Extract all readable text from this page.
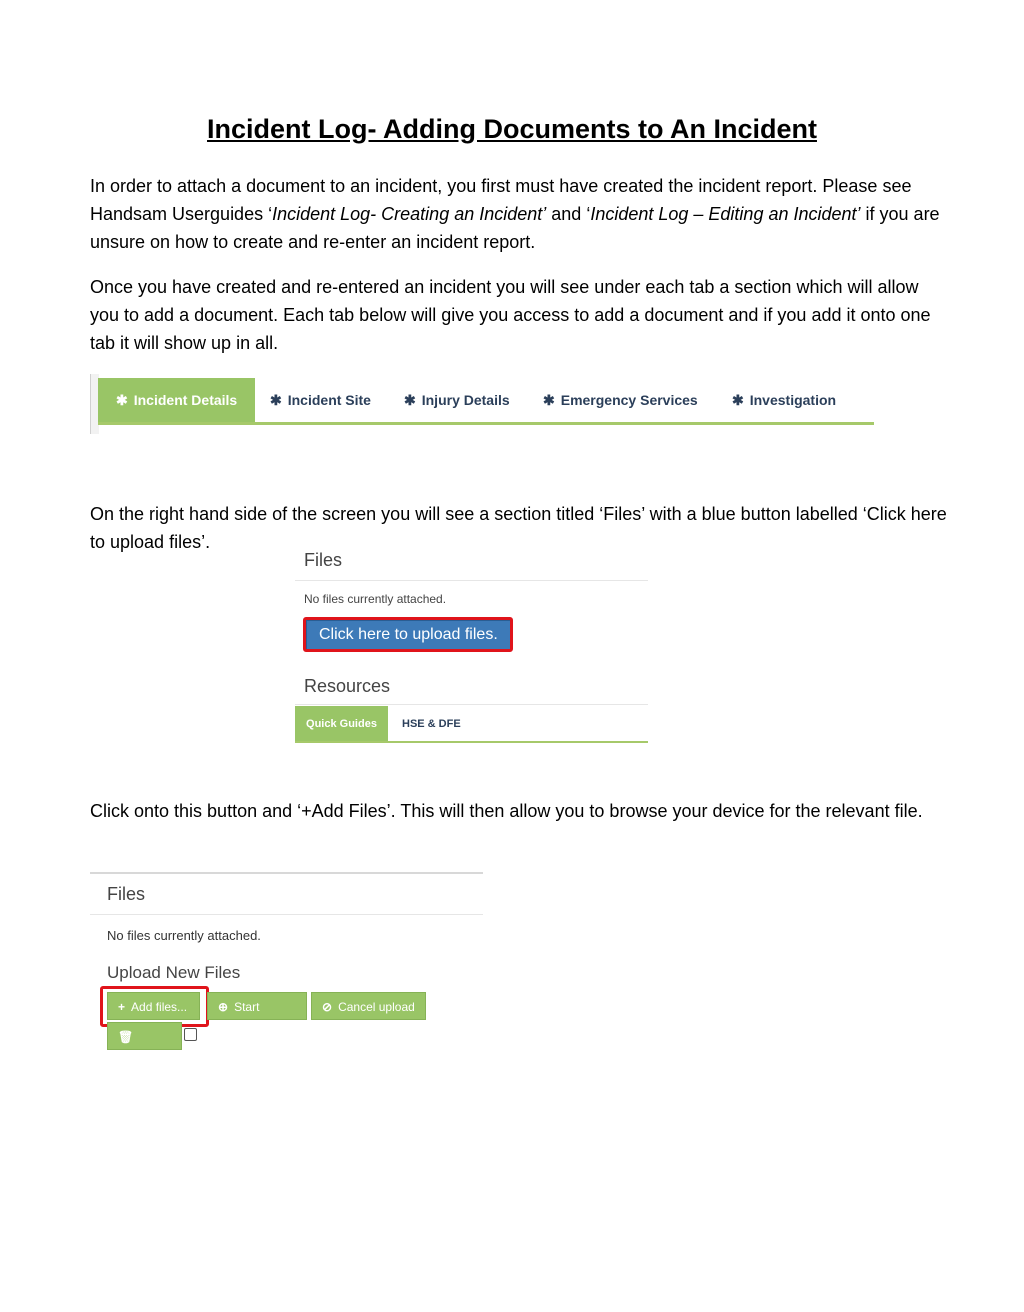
Incident Log- Adding Documents to An Incident
In order to attach a document to an incident, you first must have created the incident report. Please see Handsam Userguides ‘Incident Log- Creating an Incident’ and ‘Incident Log – Editing an Incident’ if you are unsure on how to create and re-enter an incident report.
Once you have created and re-entered an incident you will see under each tab a section which will allow you to add a document. Each tab below will give you access to add a document and if you add it onto one tab it will show up in all.
✱ Incident Details	✱ Incident Site ✱ Injury Details ✱ Emergency Services ✱ Investigation
On the right hand side of the screen you will see a section titled ‘Files’ with a blue button labelled ‘Click here to upload files’.
Files
No files currently attached.
Click here to upload files.
Resources
Quick Guides	HSE & DFE
Click onto this button and ‘+Add Files’. This will then allow you to browse your device for the relevant file.
Files
No files currently attached.
Upload New Files
+ Add files...	⊕ Start upload
⊘ Cancel upload
🗑Delete
